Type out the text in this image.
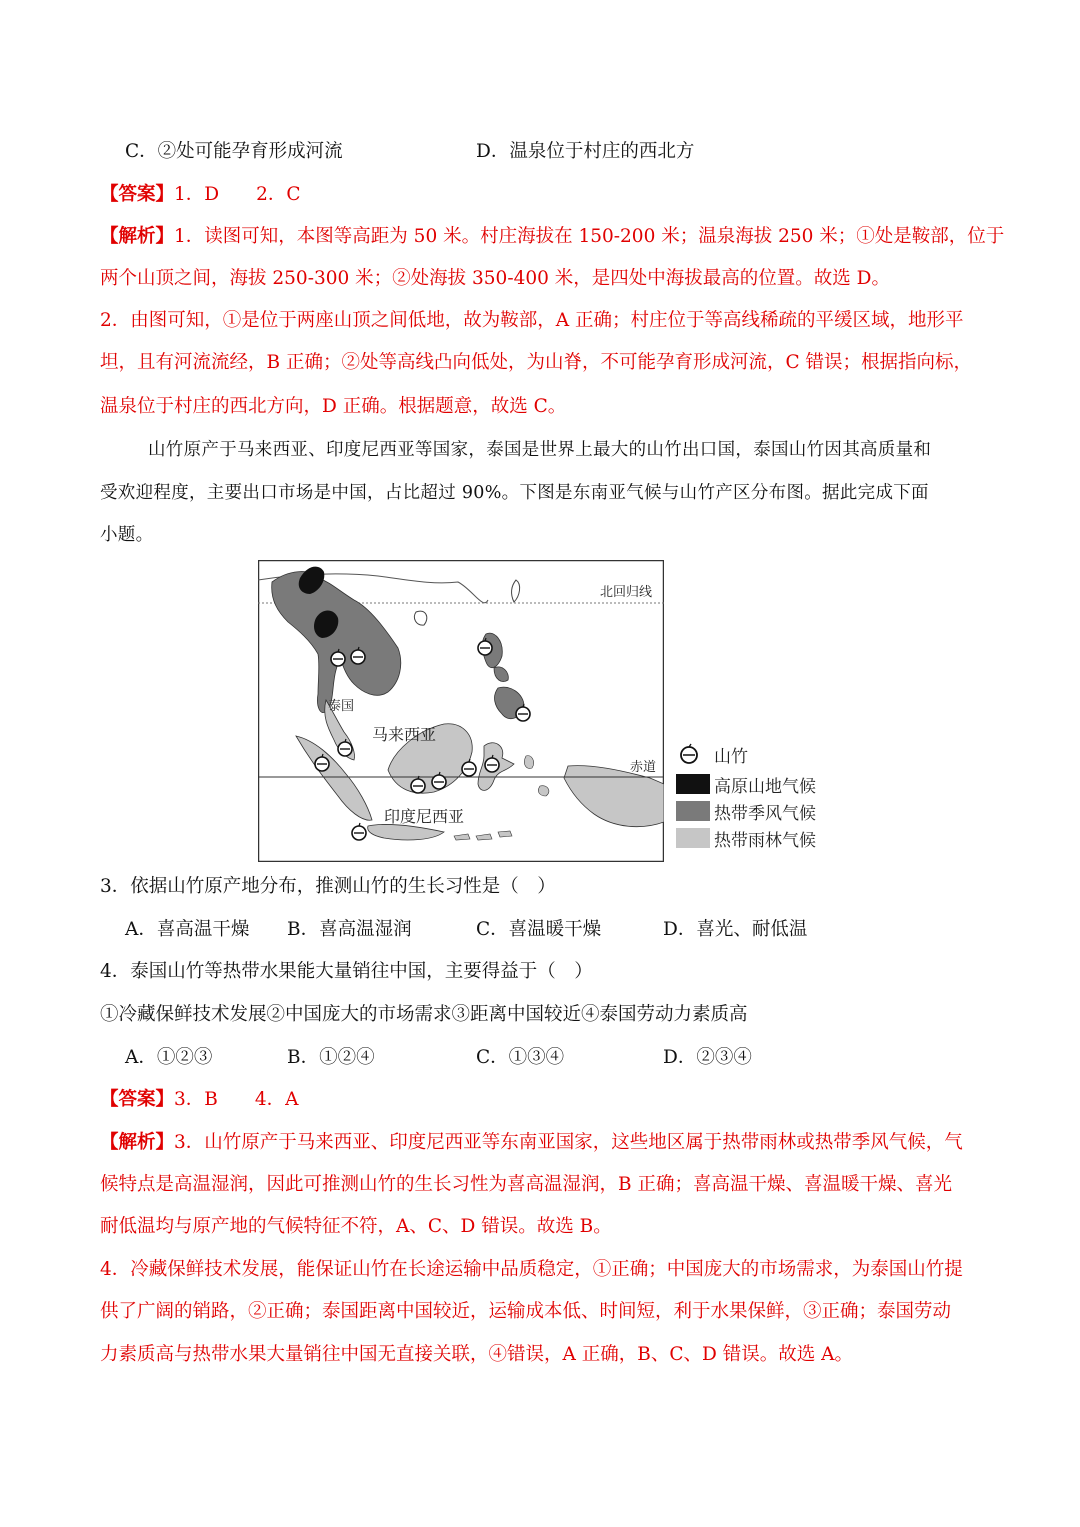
C．②处可能孕育形成河流	D．温泉位于村庄的西北方
【答案】1．D　　2．C
【解析】1．读图可知，本图等高距为 50 米。村庄海拔在 150-200 米；温泉海拔 250 米；①处是鞍部，位于
两个山顶之间，海拔 250-300 米；②处海拔 350-400 米，是四处中海拔最高的位置。故选 D。
2．由图可知，①是位于两座山顶之间低地，故为鞍部，A 正确；村庄位于等高线稀疏的平缓区域，地形平
坦，且有河流流经，B 正确；②处等高线凸向低处，为山脊，不可能孕育形成河流，C 错误；根据指向标，
温泉位于村庄的西北方向，D 正确。根据题意，故选 C。
山竹原产于马来西亚、印度尼西亚等国家，泰国是世界上最大的山竹出口国，泰国山竹因其高质量和
受欢迎程度，主要出口市场是中国，占比超过 90%。下图是东南亚气候与山竹产区分布图。据此完成下面
小题。
北回归线
赤道
泰国
马来西亚
印度尼西亚
山竹
高原山地气候
热带季风气候
热带雨林气候
3．依据山竹原产地分布，推测山竹的生长习性是（　）
A．喜高温干燥 B．喜高温湿润	C．喜温暖干燥	D．喜光、耐低温
4．泰国山竹等热带水果能大量销往中国，主要得益于（　）
①冷藏保鲜技术发展②中国庞大的市场需求③距离中国较近④泰国劳动力素质高
A．①②③	B．①②④	C．①③④	D．②③④
【答案】3．B　　4．A
【解析】3．山竹原产于马来西亚、印度尼西亚等东南亚国家，这些地区属于热带雨林或热带季风气候，气
候特点是高温湿润，因此可推测山竹的生长习性为喜高温湿润，B 正确；喜高温干燥、喜温暖干燥、喜光
耐低温均与原产地的气候特征不符，A、C、D 错误。故选 B。
4．冷藏保鲜技术发展，能保证山竹在长途运输中品质稳定，①正确；中国庞大的市场需求，为泰国山竹提
供了广阔的销路，②正确；泰国距离中国较近，运输成本低、时间短，利于水果保鲜，③正确；泰国劳动
力素质高与热带水果大量销往中国无直接关联，④错误，A 正确，B、C、D 错误。故选 A。
